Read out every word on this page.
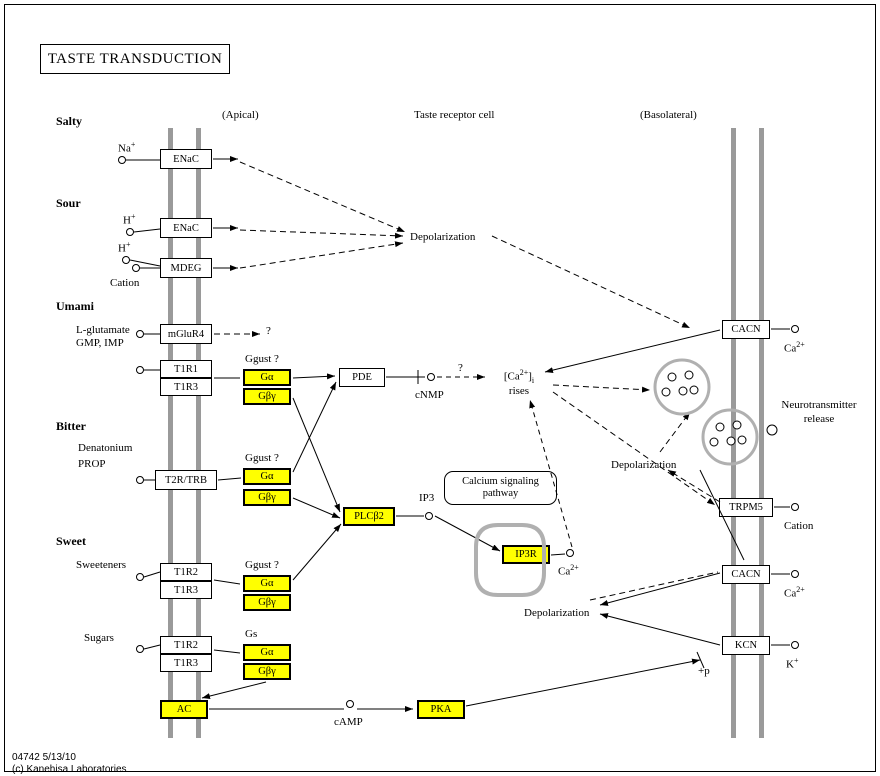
TASTE TRANSDUCTION
(Apical)	Taste receptor cell	(Basolateral)
Salty
Sour
Umami
Bitter
Sweet
Na+
H+
H+
Cation
L-glutamate
GMP, IMP
Denatonium
PROP
Sweeteners
Sugars
ENaC
ENaC
MDEG
mGluR4
T1R1
T1R3
T2R/TRB
T1R2
T1R3
T1R2
T1R3
Ggust ?
Ggust ?
Ggust ?
Gs
Gα
Gβγ
Gα
Gβγ
Gα
Gβγ
Gα
Gβγ
PDE
PLCβ2
IP3R
AC	PKA
CACN
TRPM5
CACN
KCN
$Ca^{2+}$
Cation
$Ca^{2+}$
K+
Depolarization
?
?
cNMP
$[Ca^{2+}]_i$
rises
IP3
$Ca^{2+}$
cAMP
+p
Depolarization
Depolarization
Neurotransmitter
release
Calcium signaling pathway
04742 5/13/10
(c) Kanehisa Laboratories
